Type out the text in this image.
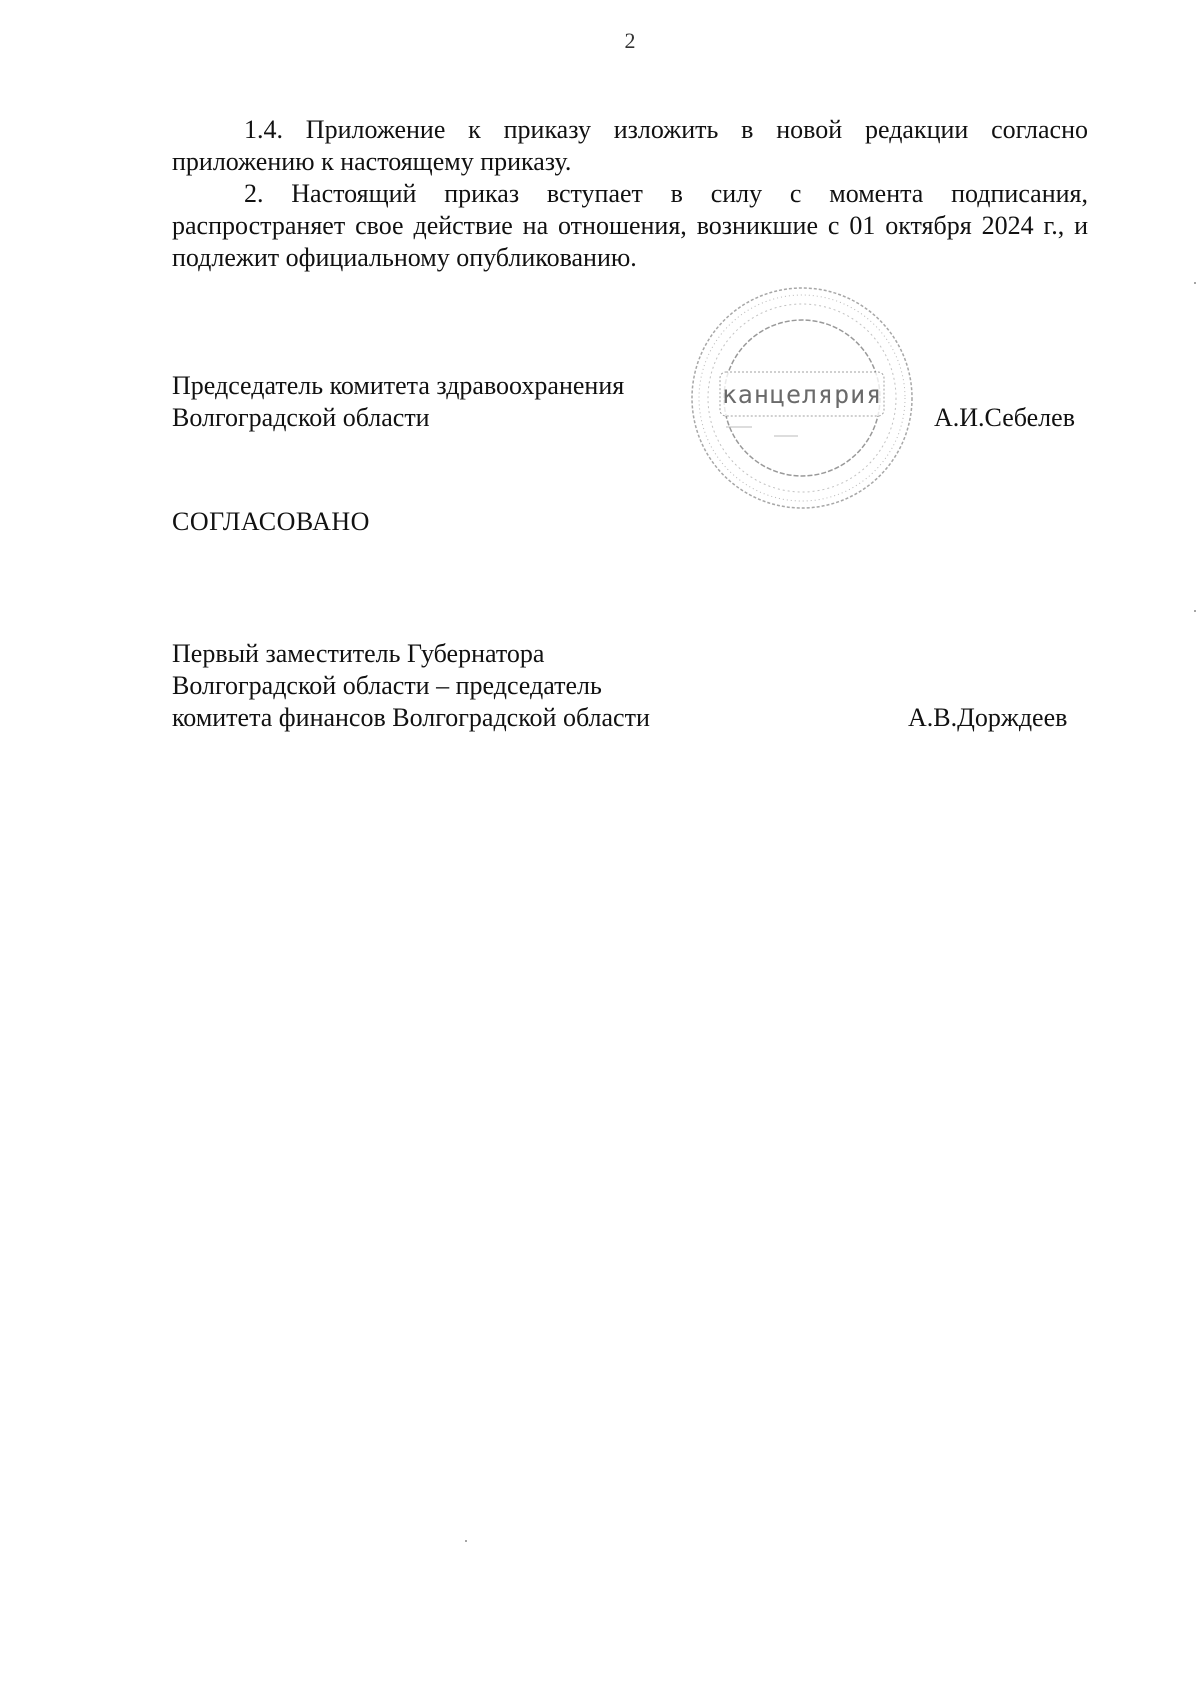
2
1.4. Приложение к приказу изложить в новой редакции согласно приложению к настоящему приказу.
2. Настоящий приказ вступает в силу с момента подписания, распространяет свое действие на отношения, возникшие с 01 октября 2024 г., и подлежит официальному опубликованию.
Председатель комитета здравоохранения
Волгоградской области
канцелярия
А.И.Себелев
СОГЛАСОВАНО
Первый заместитель Губернатора
Волгоградской области – председатель
комитета финансов Волгоградской области	А.В.Дорждеев
